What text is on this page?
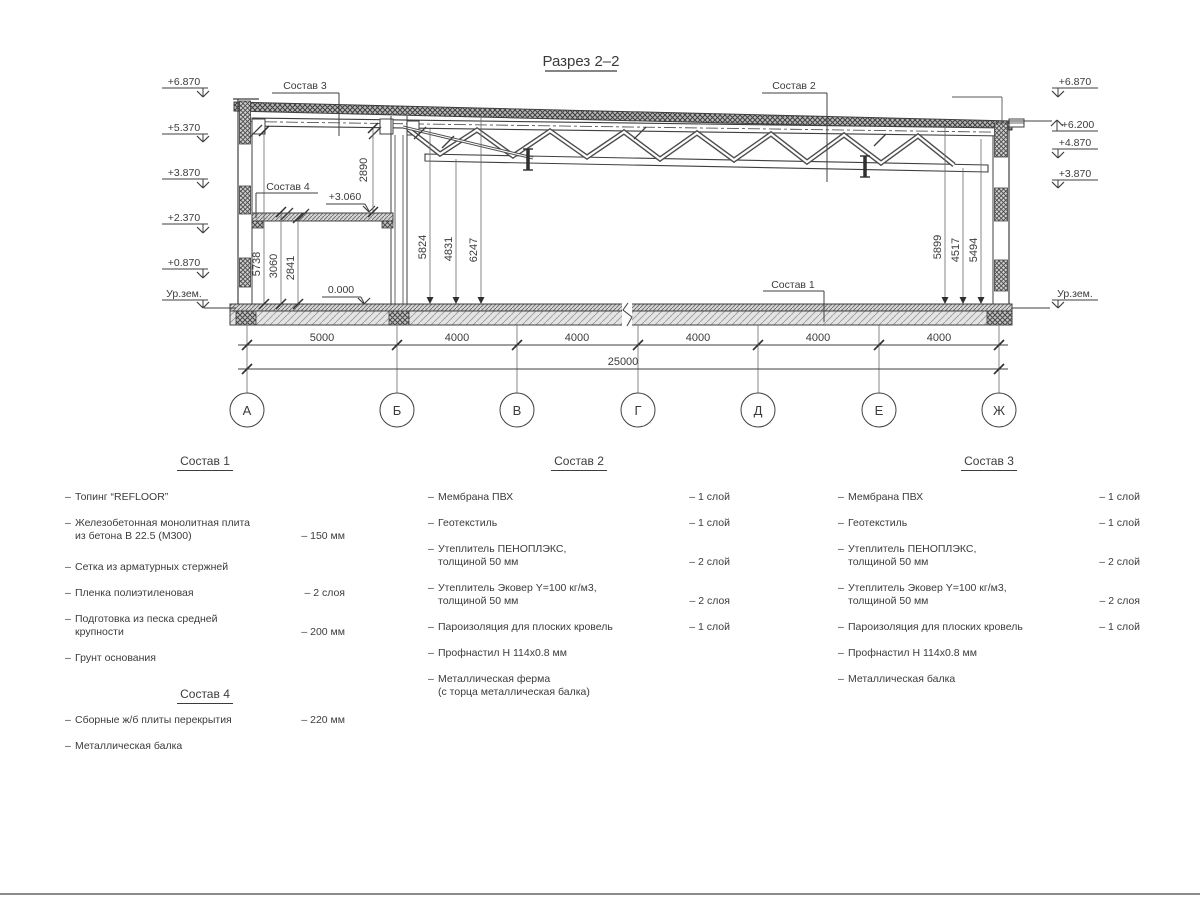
Разрез 2–2
5000	4000	4000	4000	4000	4000
25000
А	Б	В	Г	Д	Е	Ж
+6.870
+5.370
+3.870
+2.370
+0.870
Ур.зем.
+6.870
+6.200
+4.870
+3.870
Ур.зем.
0.000
+3.060
2890
5738 3060 2841
5824 4831 6247	5899 4517 5494
Состав 3	Состав 2
Состав 1
Состав 4
Состав 1
– Топинг “REFLOOR”
– Железобетонная монолитная плита
из бетона В 22.5 (М300)	– 150 мм
– Сетка из арматурных стержней
– Пленка полиэтиленовая	– 2 слоя
– Подготовка из песка средней
крупности	– 200 мм
– Грунт основания
Состав 4
– Сборные ж/б плиты перекрытия	– 220 мм
– Металлическая балка
Состав 2
– Мембрана ПВХ	– 1 слой
– Геотекстиль	– 1 слой
– Утеплитель ПЕНОПЛЭКС,
толщиной 50 мм	– 2 слой
– Утеплитель Эковер Y=100 кг/м3,
толщиной 50 мм	– 2 слоя
– Пароизоляция для плоских кровель	– 1 слой
– Профнастил Н 114х0.8 мм
– Металлическая ферма
(с торца металлическая балка)
Состав 3
– Мембрана ПВХ	– 1 слой
– Геотекстиль	– 1 слой
– Утеплитель ПЕНОПЛЭКС,
толщиной 50 мм	– 2 слой
– Утеплитель Эковер Y=100 кг/м3,
толщиной 50 мм	– 2 слоя
– Пароизоляция для плоских кровель	– 1 слой
– Профнастил Н 114х0.8 мм
– Металлическая балка
